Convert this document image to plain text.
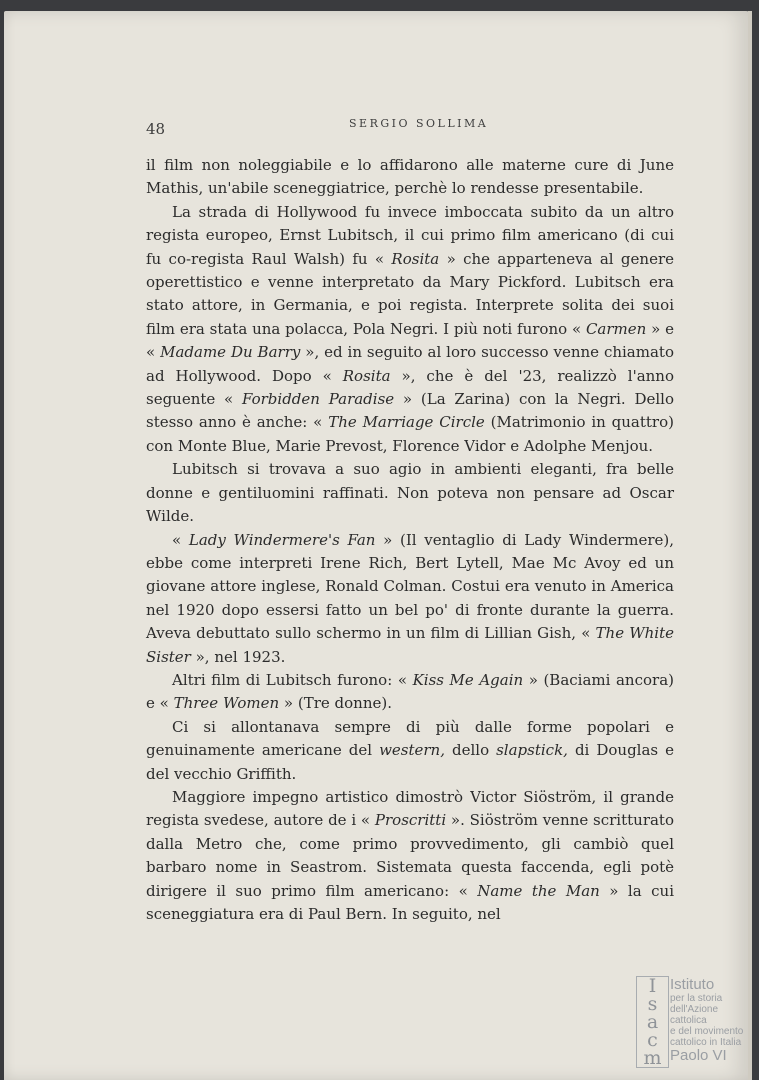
48	SERGIO SOLLIMA

il film non noleggiabile e lo affidarono alle materne cure di June Mathis, un'abile sceneggiatrice, perchè lo rendesse presentabile.

La strada di Hollywood fu invece imboccata subito da un altro regista europeo, Ernst Lubitsch, il cui primo film americano (di cui fu co-regista Raul Walsh) fu « Rosita » che apparteneva al genere operettistico e venne interpretato da Mary Pickford. Lubitsch era stato attore, in Germania, e poi regista. Interprete solita dei suoi film era stata una polacca, Pola Negri. I più noti furono « Carmen » e « Madame Du Barry », ed in seguito al loro successo venne chiamato ad Hollywood. Dopo « Rosita », che è del '23, realizzò l'anno seguente « Forbidden Paradise » (La Zarina) con la Negri. Dello stesso anno è anche: « The Marriage Circle (Matrimonio in quattro) con Monte Blue, Marie Prevost, Florence Vidor e Adolphe Menjou.

Lubitsch si trovava a suo agio in ambienti eleganti, fra belle donne e gentiluomini raffinati. Non poteva non pensare ad Oscar Wilde.

« Lady Windermere's Fan » (Il ventaglio di Lady Windermere), ebbe come interpreti Irene Rich, Bert Lytell, Mae Mc Avoy ed un giovane attore inglese, Ronald Colman. Costui era venuto in America nel 1920 dopo essersi fatto un bel po' di fronte durante la guerra. Aveva debuttato sullo schermo in un film di Lillian Gish, « The White Sister », nel 1923.

Altri film di Lubitsch furono: « Kiss Me Again » (Baciami ancora) e « Three Women » (Tre donne).

Ci si allontanava sempre di più dalle forme popolari e genuinamente americane del western, dello slapstick, di Douglas e del vecchio Griffith.

Maggiore impegno artistico dimostrò Victor Siöström, il grande regista svedese, autore de i « Proscritti ». Siöström venne scritturato dalla Metro che, come primo provvedimento, gli cambiò quel barbaro nome in Seastrom. Sistemata questa faccenda, egli potè dirigere il suo primo film americano: « Name the Man » la cui sceneggiatura era di Paul Bern. In seguito, nel

I
s
a
c
m
Istituto
per la storia
dell'Azione cattolica
e del movimento
cattolico in Italia
Paolo VI
